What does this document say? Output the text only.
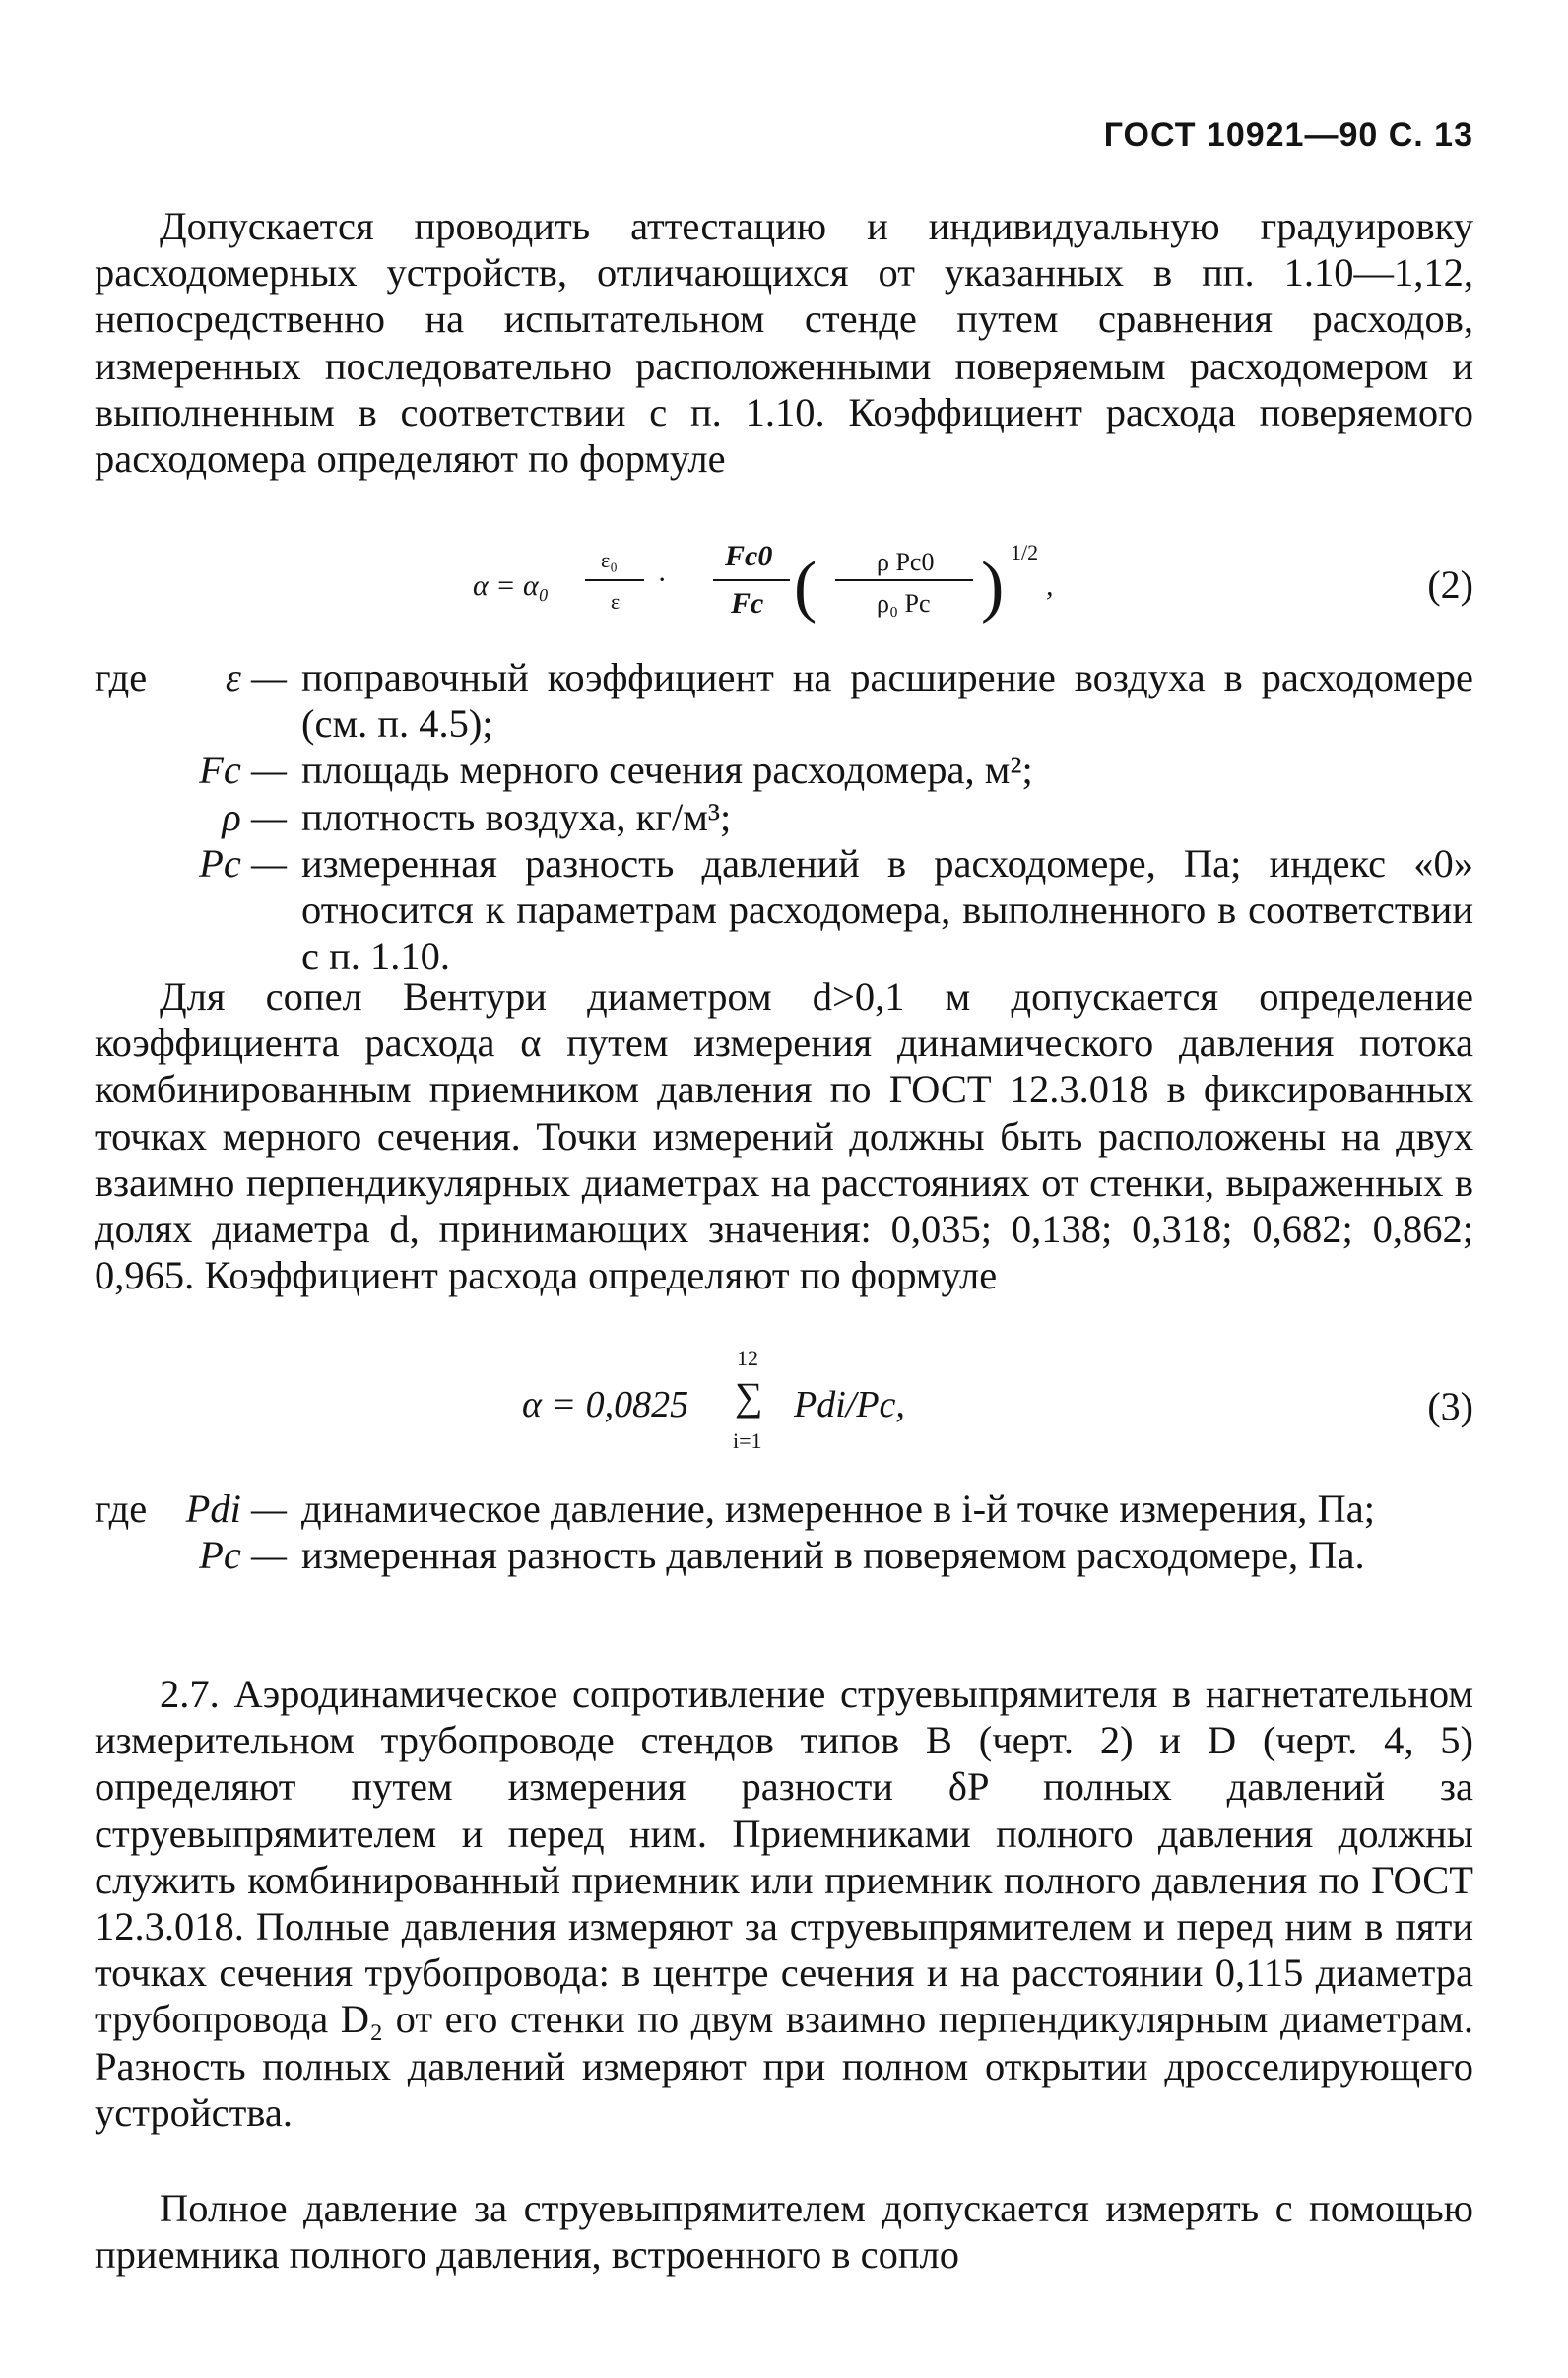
ГОСТ 10921—90 С. 13

Допускается проводить аттестацию и индивидуальную градуировку расходомерных устройств, отличающихся от указанных в пп. 1.10—1,12, непосредственно на испытательном стенде путем сравнения расходов, измеренных последовательно расположенными поверяемым расходомером и выполненным в соответствии с п. 1.10. Коэффициент расхода поверяемого расходомера определяют по формуле

α = α₀
ε₀
ε
·
Fс0
Fс ( ρ Pс0
ρ₀ Pс ) 1/2
,	(2)
где	ε — поправочный коэффициент на расширение воздуха в расходомере (см. п. 4.5);
Fс — площадь мерного сечения расходомера, м²;
ρ — плотность воздуха, кг/м³;
Pс — измеренная разность давлений в расходомере, Па; индекс «0» относится к параметрам расходомера, выполненного в соответствии с п. 1.10.

Для сопел Вентури диаметром d>0,1 м допускается определение коэффициента расхода α путем измерения динамического давления потока комбинированным приемником давления по ГОСТ 12.3.018 в фиксированных точках мерного сечения. Точки измерений должны быть расположены на двух взаимно перпендикулярных диаметрах на расстояниях от стенки, выраженных в долях диаметра d, принимающих значения: 0,035; 0,138; 0,318; 0,682; 0,862; 0,965. Коэффициент расхода определяют по формуле

α = 0,0825
12
∑
i=1
Pdi/Pс,	(3)
где Pdi — динамическое давление, измеренное в i-й точке измерения, Па;
Pс — измеренная разность давлений в поверяемом расходомере, Па.

2.7. Аэродинамическое сопротивление струевыпрямителя в нагнетательном измерительном трубопроводе стендов типов B (черт. 2) и D (черт. 4, 5) определяют путем измерения разности δP полных давлений за струевыпрямителем и перед ним. Приемниками полного давления должны служить комбинированный приемник или приемник полного давления по ГОСТ 12.3.018. Полные давления измеряют за струевыпрямителем и перед ним в пяти точках сечения трубопровода: в центре сечения и на расстоянии 0,115 диаметра трубопровода D₂ от его стенки по двум взаимно перпендикулярным диаметрам. Разность полных давлений измеряют при полном открытии дросселирующего устройства.

Полное давление за струевыпрямителем допускается измерять с помощью приемника полного давления, встроенного в сопло
